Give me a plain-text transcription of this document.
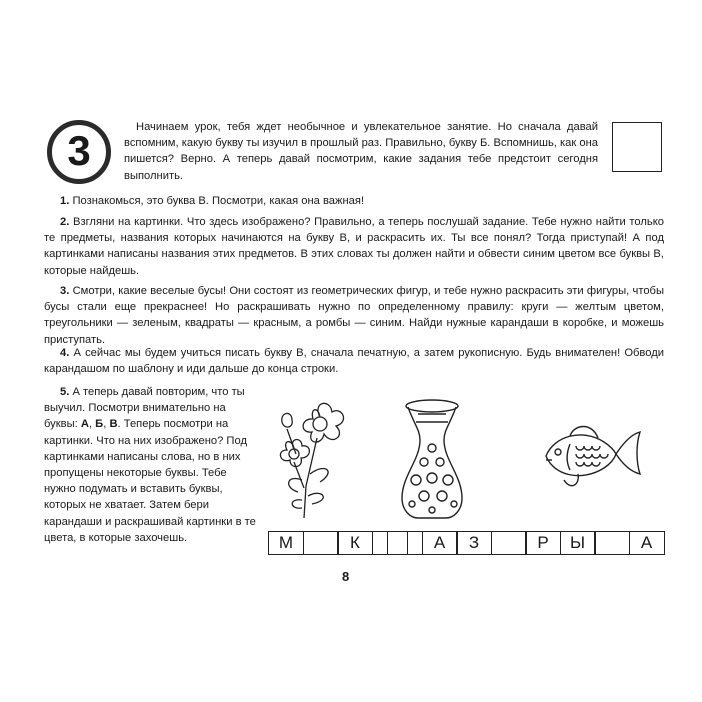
3	Начинаем урок, тебя ждет необычное и увлекательное занятие. Но сначала давай вспомним, какую букву ты изучил в прошлый раз. Правильно, букву Б. Вспомнишь, как она пишется? Верно. А теперь давай посмотрим, какие задания тебе предстоит сегодня выполнить.

1. Познакомься, это буква В. Посмотри, какая она важная!

2. Взгляни на картинки. Что здесь изображено? Правильно, а теперь послушай задание. Тебе нужно найти только те предметы, названия которых начинаются на букву В, и раскрасить их. Ты все понял? Тогда приступай! А под картинками написаны названия этих предметов. В этих словах ты должен найти и обвести синим цветом все буквы В, которые найдешь.

3. Смотри, какие веселые бусы! Они состоят из геометрических фигур, и тебе нужно раскрасить эти фигуры, чтобы бусы стали еще прекраснее! Но раскрашивать нужно по определенному правилу: круги — желтым цветом, треугольники — зеленым, квадраты — красным, а ромбы — синим. Найди нужные карандаши в коробке, и можешь приступать.

4. А сейчас мы будем учиться писать букву В, сначала печатную, а затем рукописную. Будь внимателен! Обводи карандашом по шаблону и иди дальше до конца строки.

5. А теперь давай повторим, что ты выучил. Посмотри внимательно на буквы: А, Б, В. Теперь посмотри на картинки. Что на них изображено? Под картинками написаны слова, но в них пропущены некоторые буквы. Тебе нужно подумать и вставить буквы, которых не хватает. Затем бери карандаши и раскрашивай картинки в те цвета, в которые захочешь.	М	К	А	З	Р	Ы	А
8
